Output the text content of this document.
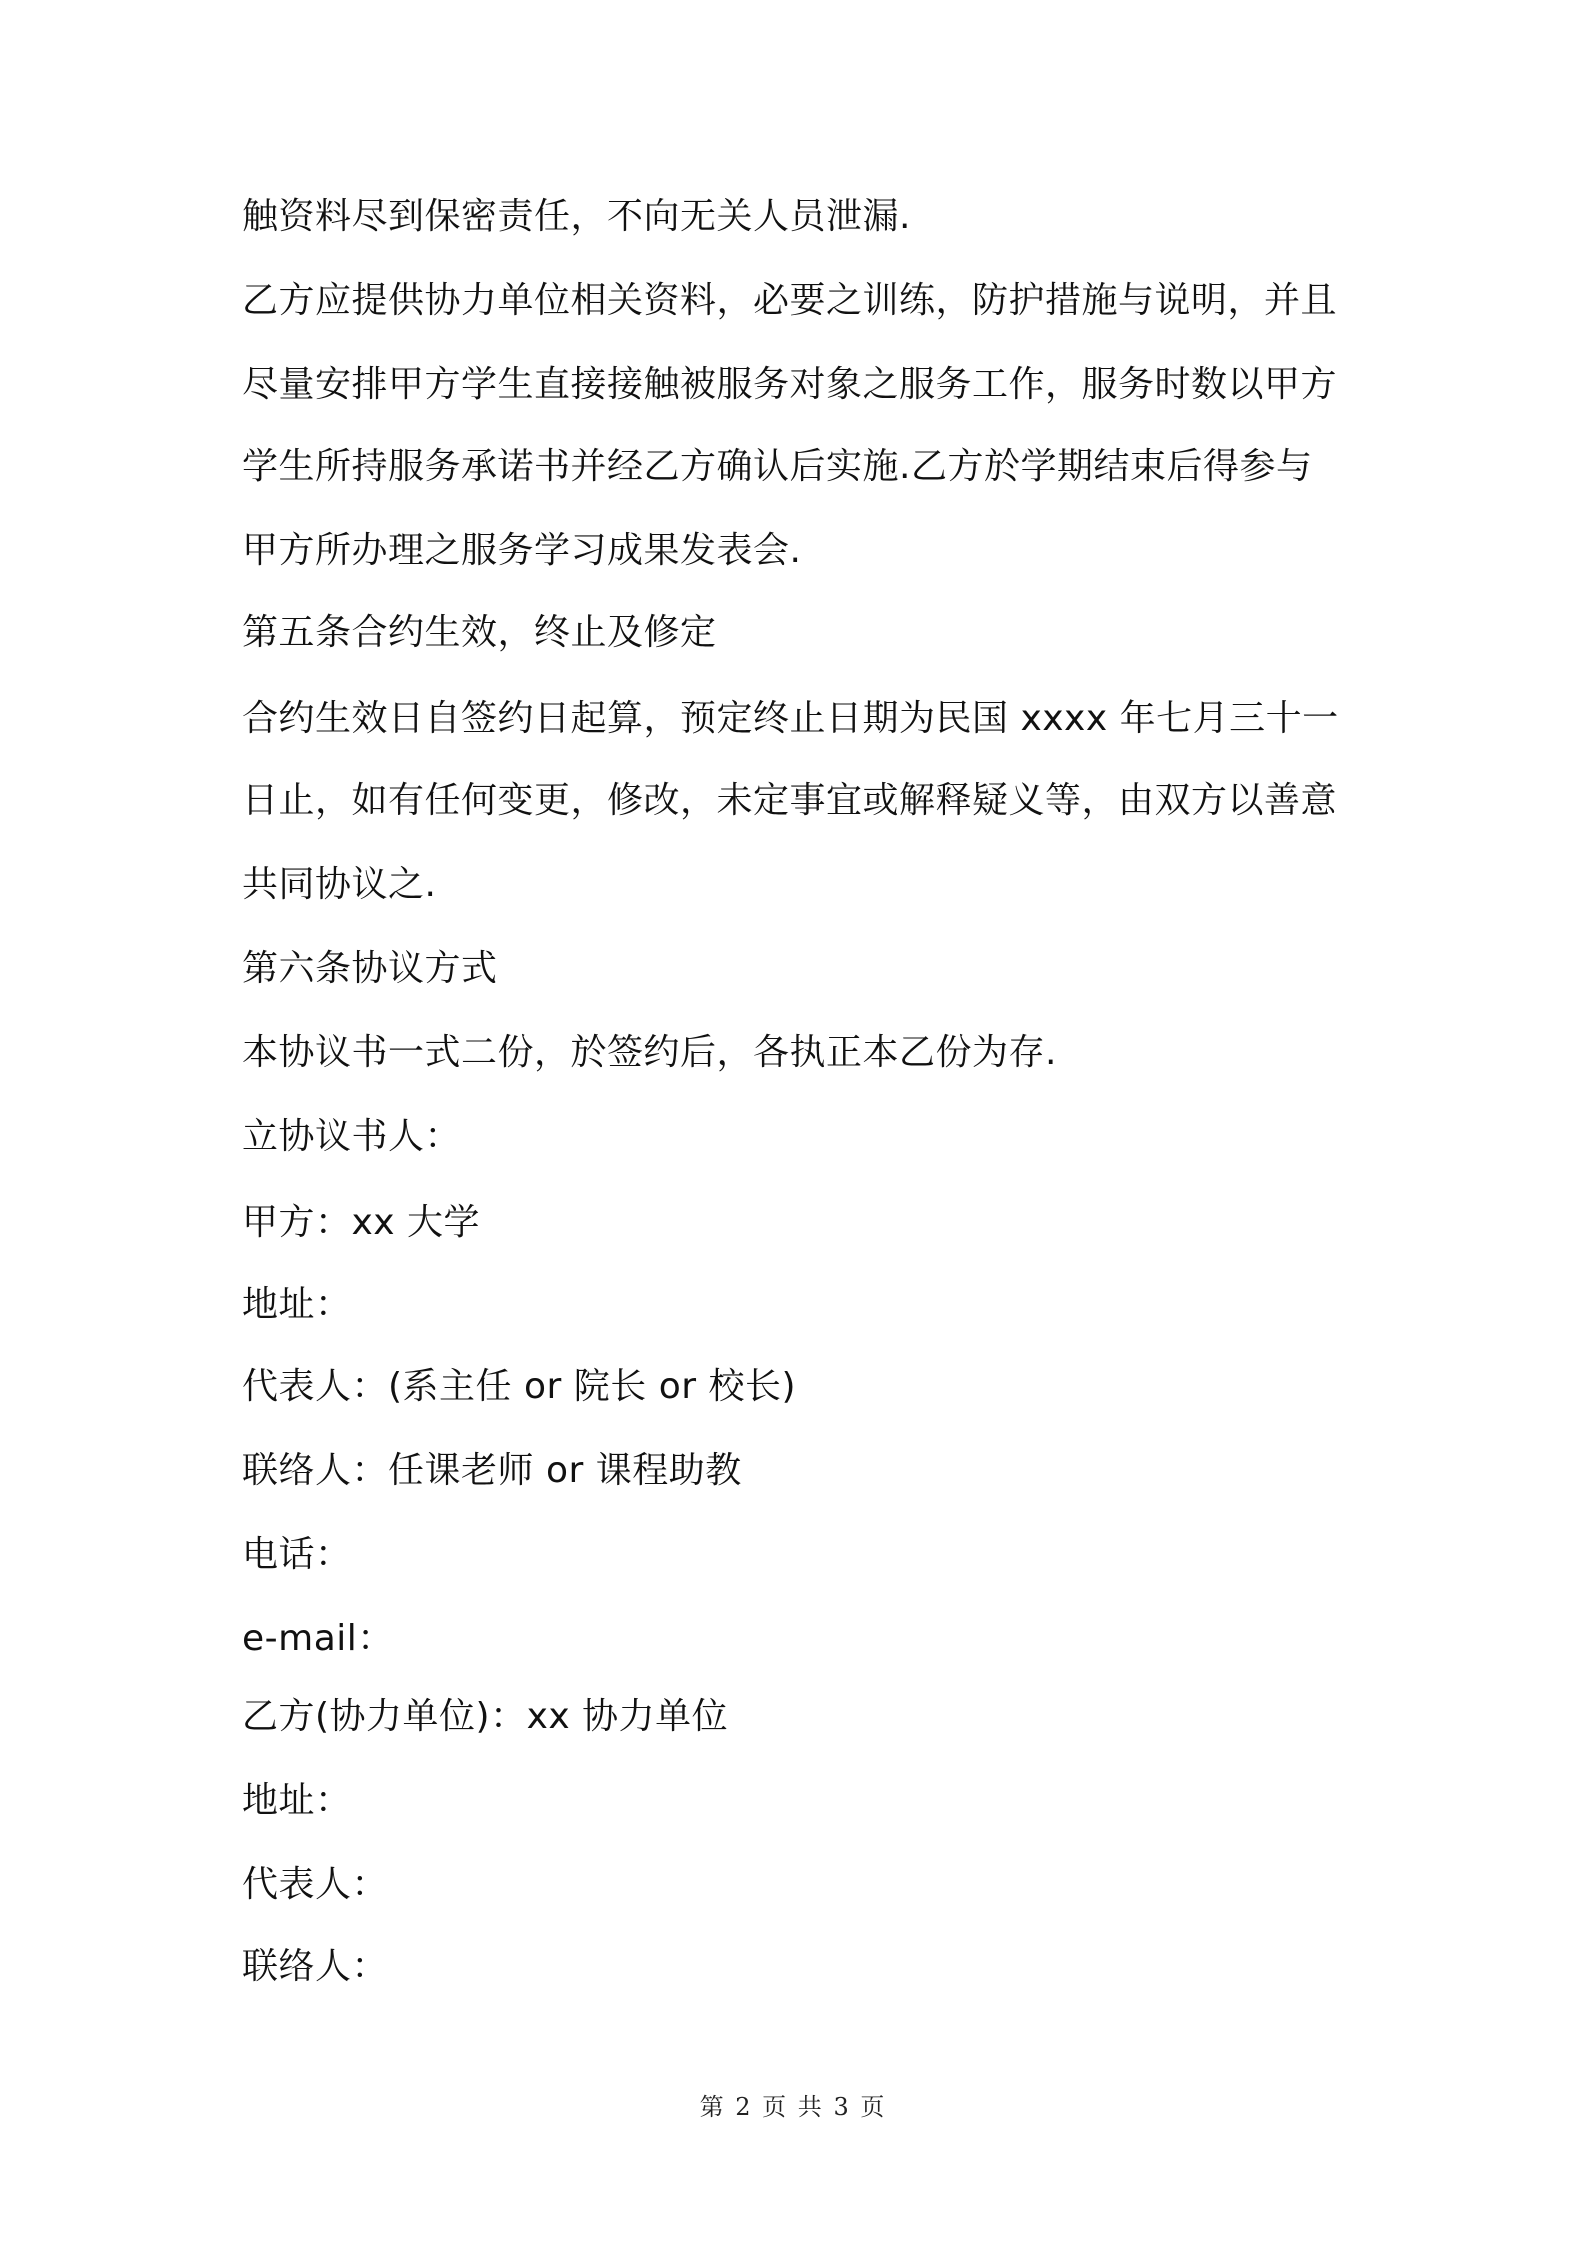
触资料尽到保密责任，不向无关人员泄漏.

乙方应提供协力单位相关资料，必要之训练，防护措施与说明，并且

尽量安排甲方学生直接接触被服务对象之服务工作，服务时数以甲方

学生所持服务承诺书并经乙方确认后实施.乙方於学期结束后得参与

甲方所办理之服务学习成果发表会.

第五条合约生效，终止及修定

合约生效日自签约日起算，预定终止日期为民国 xxxx 年七月三十一

日止，如有任何变更，修改，未定事宜或解释疑义等，由双方以善意

共同协议之.

第六条协议方式

本协议书一式二份，於签约后，各执正本乙份为存.

立协议书人：

甲方：xx 大学

地址：

代表人：(系主任 or 院长 or 校长)

联络人：任课老师 or 课程助教

电话：

e-mail：

乙方(协力单位)：xx 协力单位

地址：

代表人：

联络人：

第 2 页 共 3 页
